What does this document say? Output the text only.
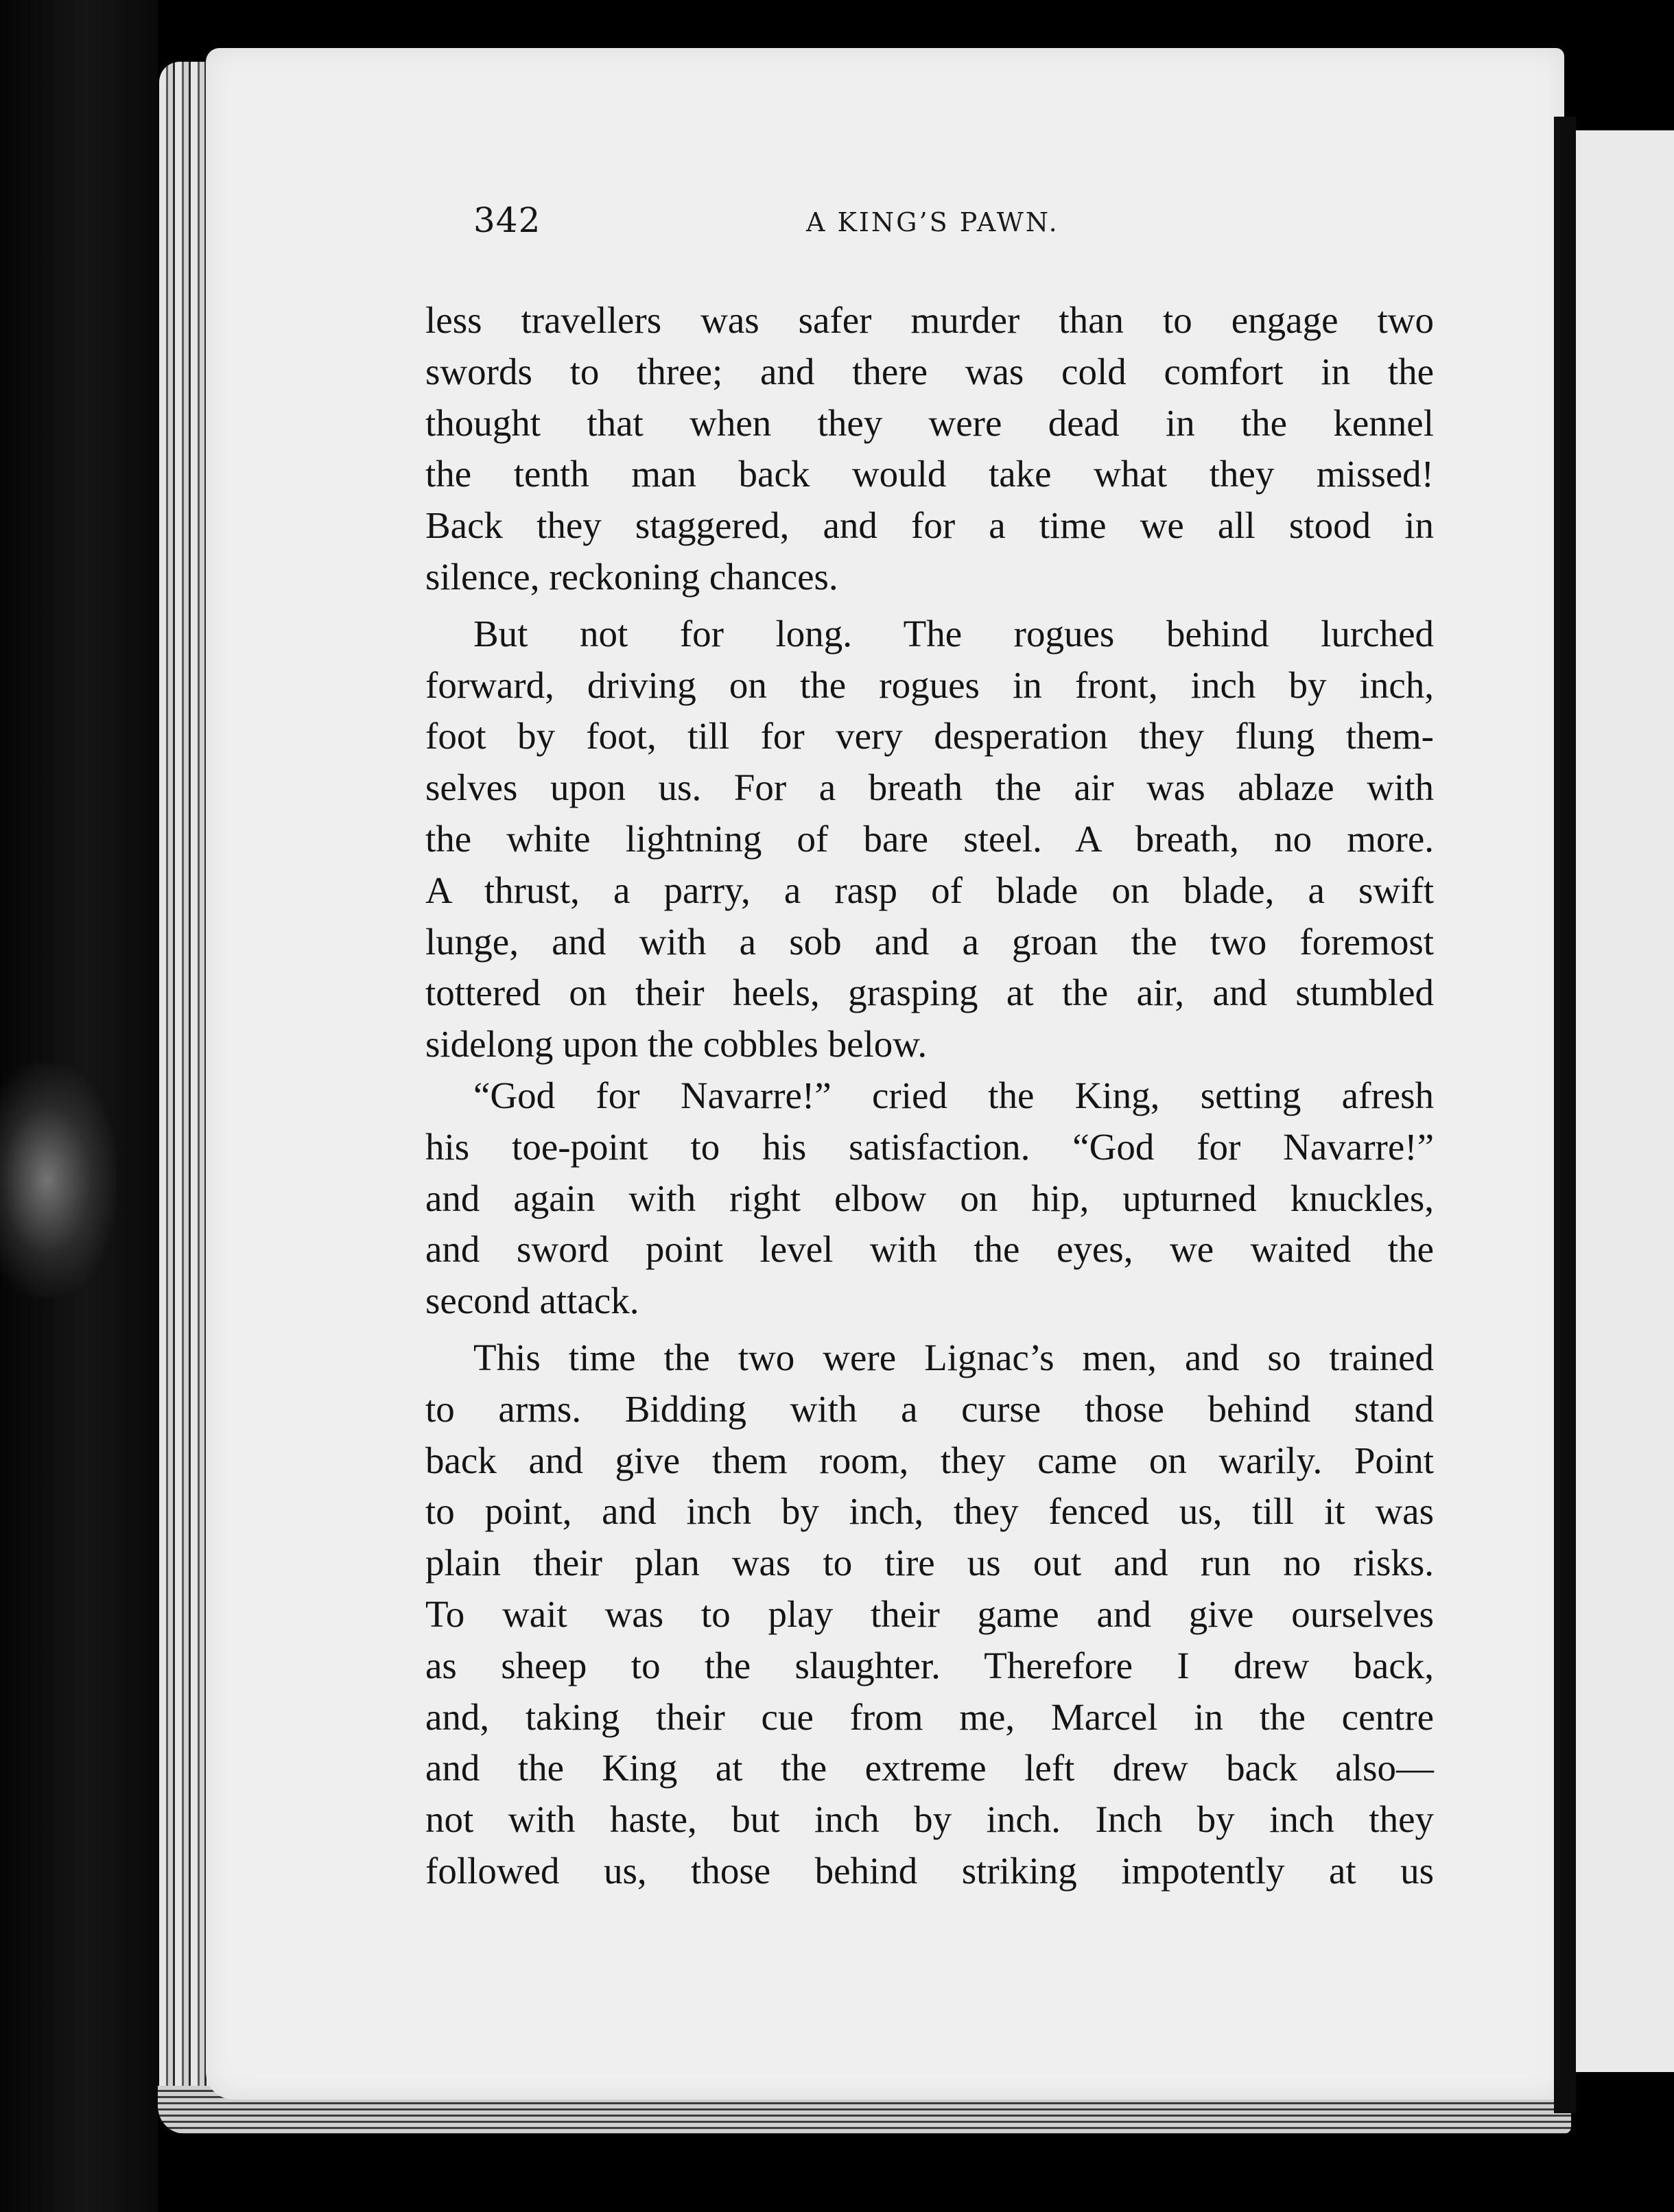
342	A KING’S PAWN.

less travellers was safer murder than to engage two

swords to three; and there was cold comfort in the

thought that when they were dead in the kennel

the tenth man back would take what they missed!

Back they staggered, and for a time we all stood in

silence, reckoning chances.

But not for long. The rogues behind lurched

forward, driving on the rogues in front, inch by inch,

foot by foot, till for very desperation they flung them-

selves upon us. For a breath the air was ablaze with

the white lightning of bare steel. A breath, no more.

A thrust, a parry, a rasp of blade on blade, a swift

lunge, and with a sob and a groan the two foremost

tottered on their heels, grasping at the air, and stumbled

sidelong upon the cobbles below.

“God for Navarre!” cried the King, setting afresh

his toe-point to his satisfaction. “God for Navarre!”

and again with right elbow on hip, upturned knuckles,

and sword point level with the eyes, we waited the

second attack.

This time the two were Lignac’s men, and so trained

to arms. Bidding with a curse those behind stand

back and give them room, they came on warily. Point

to point, and inch by inch, they fenced us, till it was

plain their plan was to tire us out and run no risks.

To wait was to play their game and give ourselves

as sheep to the slaughter. Therefore I drew back,

and, taking their cue from me, Marcel in the centre

and the King at the extreme left drew back also—

not with haste, but inch by inch. Inch by inch they

followed us, those behind striking impotently at us
